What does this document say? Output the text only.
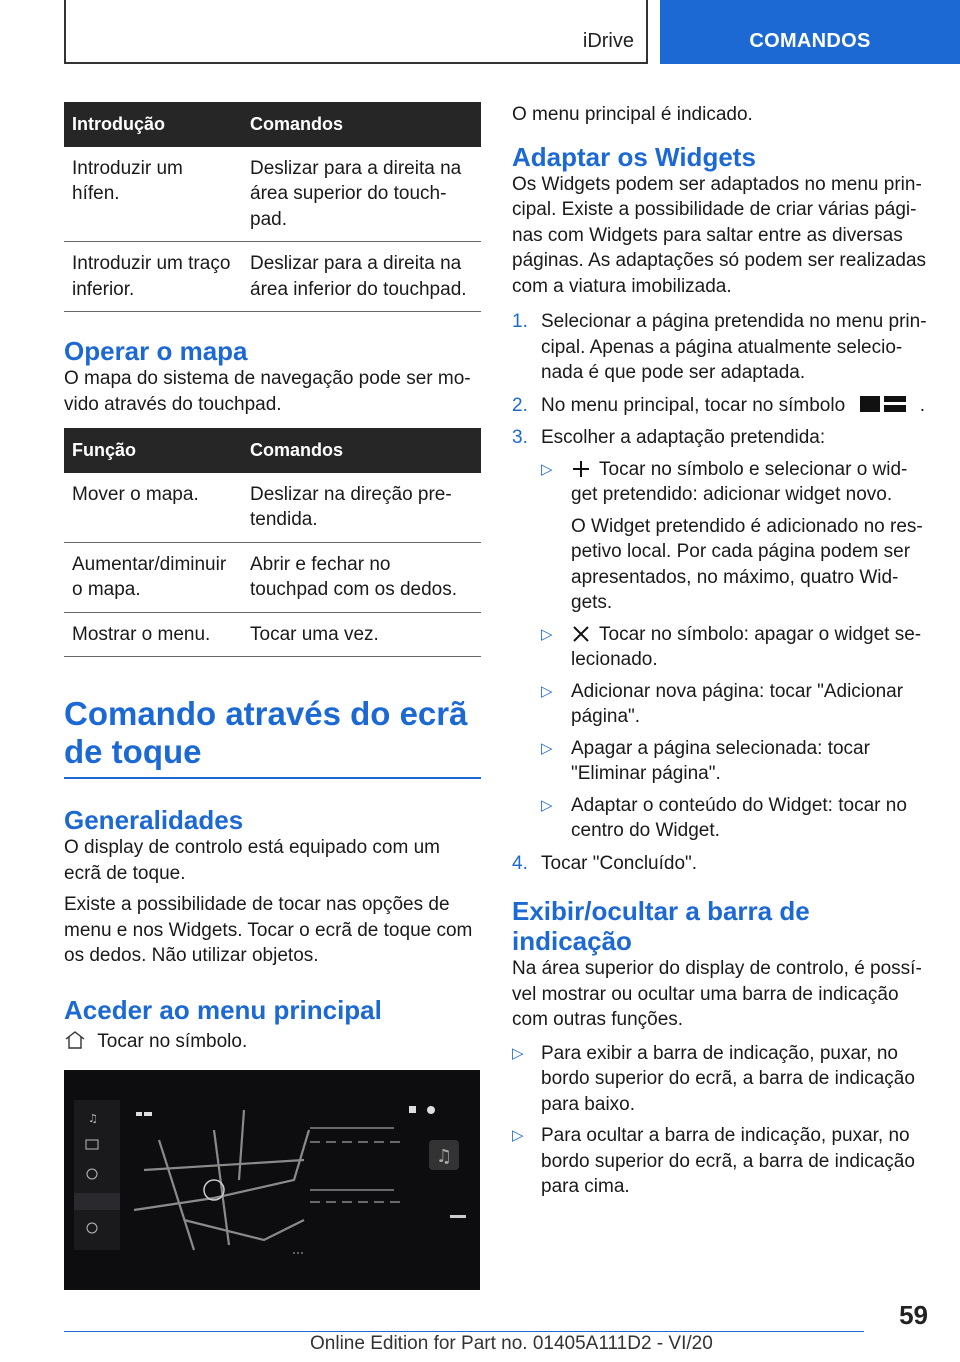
iDrive	COMANDOS
Introdução	Comandos
Introduzir um hífen.	Deslizar para a direita na área superior do touch-pad.
Introduzir um traço inferior.	Deslizar para a direita na área inferior do touchpad.
Operar o mapa

O mapa do sistema de navegação pode ser mo-vido através do touchpad.

Função	Comandos
Mover o mapa.	Deslizar na direção pre-tendida.
Aumentar/diminuir o mapa.	Abrir e fechar no touchpad com os dedos.
Mostrar o menu.	Tocar uma vez.
Comando através do ecrã de toque
Generalidades

O display de controlo está equipado com um ecrã de toque.

Existe a possibilidade de tocar nas opções de menu e nos Widgets. Tocar o ecrã de toque com os dedos. Não utilizar objetos.

Aceder ao menu principal

Tocar no símbolo.

♫
♫

O menu principal é indicado.

Adaptar os Widgets

Os Widgets podem ser adaptados no menu prin-cipal. Existe a possibilidade de criar várias pági-nas com Widgets para saltar entre as diversas páginas. As adaptações só podem ser realizadas com a viatura imobilizada.

1. Selecionar a página pretendida no menu prin-cipal. Apenas a página atualmente selecio-nada é que pode ser adaptada.
2. No menu principal, tocar no símbolo	.
3. Escolher a adaptação pretendida:
▷ Tocar no símbolo e selecionar o wid-get pretendido: adicionar widget novo.

O Widget pretendido é adicionado no res-petivo local. Por cada página podem ser apresentados, no máximo, quatro Wid-gets.

▷ Tocar no símbolo: apagar o widget se-lecionado.
▷ Adicionar nova página: tocar "Adicionar página".
▷ Apagar a página selecionada: tocar "Eliminar página".
▷ Adaptar o conteúdo do Widget: tocar no centro do Widget.
4. Tocar "Concluído".
Exibir/ocultar a barra de indicação

Na área superior do display de controlo, é possí-vel mostrar ou ocultar uma barra de indicação com outras funções.

▷ Para exibir a barra de indicação, puxar, no bordo superior do ecrã, a barra de indicação para baixo.
▷ Para ocultar a barra de indicação, puxar, no bordo superior do ecrã, a barra de indicação para cima.
59
Online Edition for Part no. 01405A111D2 - VI/20
